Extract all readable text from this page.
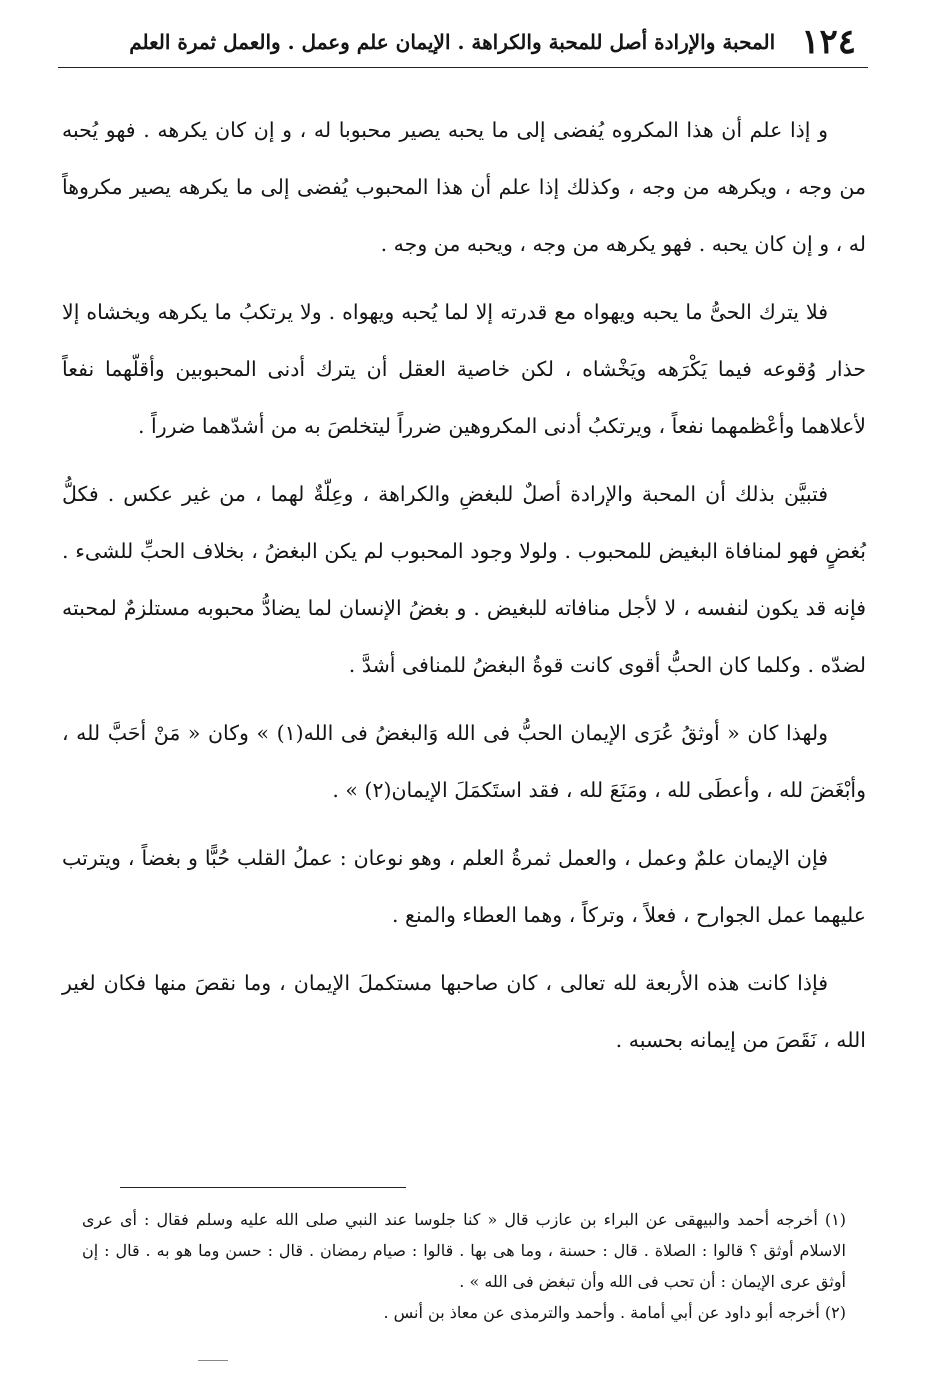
١٢٤
المحبة والإرادة أصل للمحبة والكراهة . الإيمان علم وعمل . والعمل ثمرة العلم

و إذا علم أن هذا المكروه يُفضى إلى ما يحبه يصير محبوبا له ، و إن كان يكرهه . فهو يُحبه من وجه ، ويكرهه من وجه ، وكذلك إذا علم أن هذا المحبوب يُفضى إلى ما يكرهه يصير مكروهاً له ، و إن كان يحبه . فهو يكرهه من وجه ، ويحبه من وجه .

فلا يترك الحىُّ ما يحبه ويهواه مع قدرته إلا لما يُحبه ويهواه . ولا يرتكبُ ما يكرهه ويخشاه إلا حذار وُقوعه فيما يَكْرَهه ويَخْشاه ، لكن خاصية العقل أن يترك أدنى المحبوبين وأقلّهما نفعاً لأعلاهما وأعْظمهما نفعاً ، ويرتكبُ أدنى المكروهين ضرراً ليتخلصَ به من أشدّهما ضرراً .

فتبيَّن بذلك أن المحبة والإرادة أصلٌ للبغضِ والكراهة ، وعِلّةٌ لهما ، من غير عكس . فكلُّ بُغضٍ فهو لمنافاة البغيض للمحبوب . ولولا وجود المحبوب لم يكن البغضُ ، بخلاف الحبِّ للشىء . فإنه قد يكون لنفسه ، لا لأجل منافاته للبغيض . و بغضُ الإنسان لما يضادُّ محبوبه مستلزمٌ لمحبته لضدّه . وكلما كان الحبُّ أقوى كانت قوةُ البغضُ للمنافى أشدَّ .

ولهذا كان « أوثقُ عُرَى الإيمان الحبُّ فى الله وَالبغضُ فى الله(١) » وكان « مَنْ أحَبَّ لله ، وأبْغَضَ لله ، وأعطَى لله ، ومَنَعَ لله ، فقد استَكمَلَ الإيمان(٢) » .

فإن الإيمان علمٌ وعمل ، والعمل ثمرةُ العلم ، وهو نوعان : عملُ القلب حُبًّا و بغضاً ، ويترتب عليهما عمل الجوارح ، فعلاً ، وتركاً ، وهما العطاء والمنع .

فإذا كانت هذه الأربعة لله تعالى ، كان صاحبها مستكملَ الإيمان ، وما نقصَ منها فكان لغير الله ، نَقَصَ من إيمانه بحسبه .

(١) أخرجه أحمد والبيهقى عن البراء بن عازب قال « كنا جلوسا عند النبي صلى الله عليه وسلم فقال : أى عرى الاسلام أوثق ؟ قالوا : الصلاة . قال : حسنة ، وما هى بها . قالوا : صيام رمضان . قال : حسن وما هو به . قال : إن أوثق عرى الإيمان : أن تحب فى الله وأن تبغض فى الله » .

(٢) أخرجه أبو داود عن أبي أمامة . وأحمد والترمذى عن معاذ بن أنس .
